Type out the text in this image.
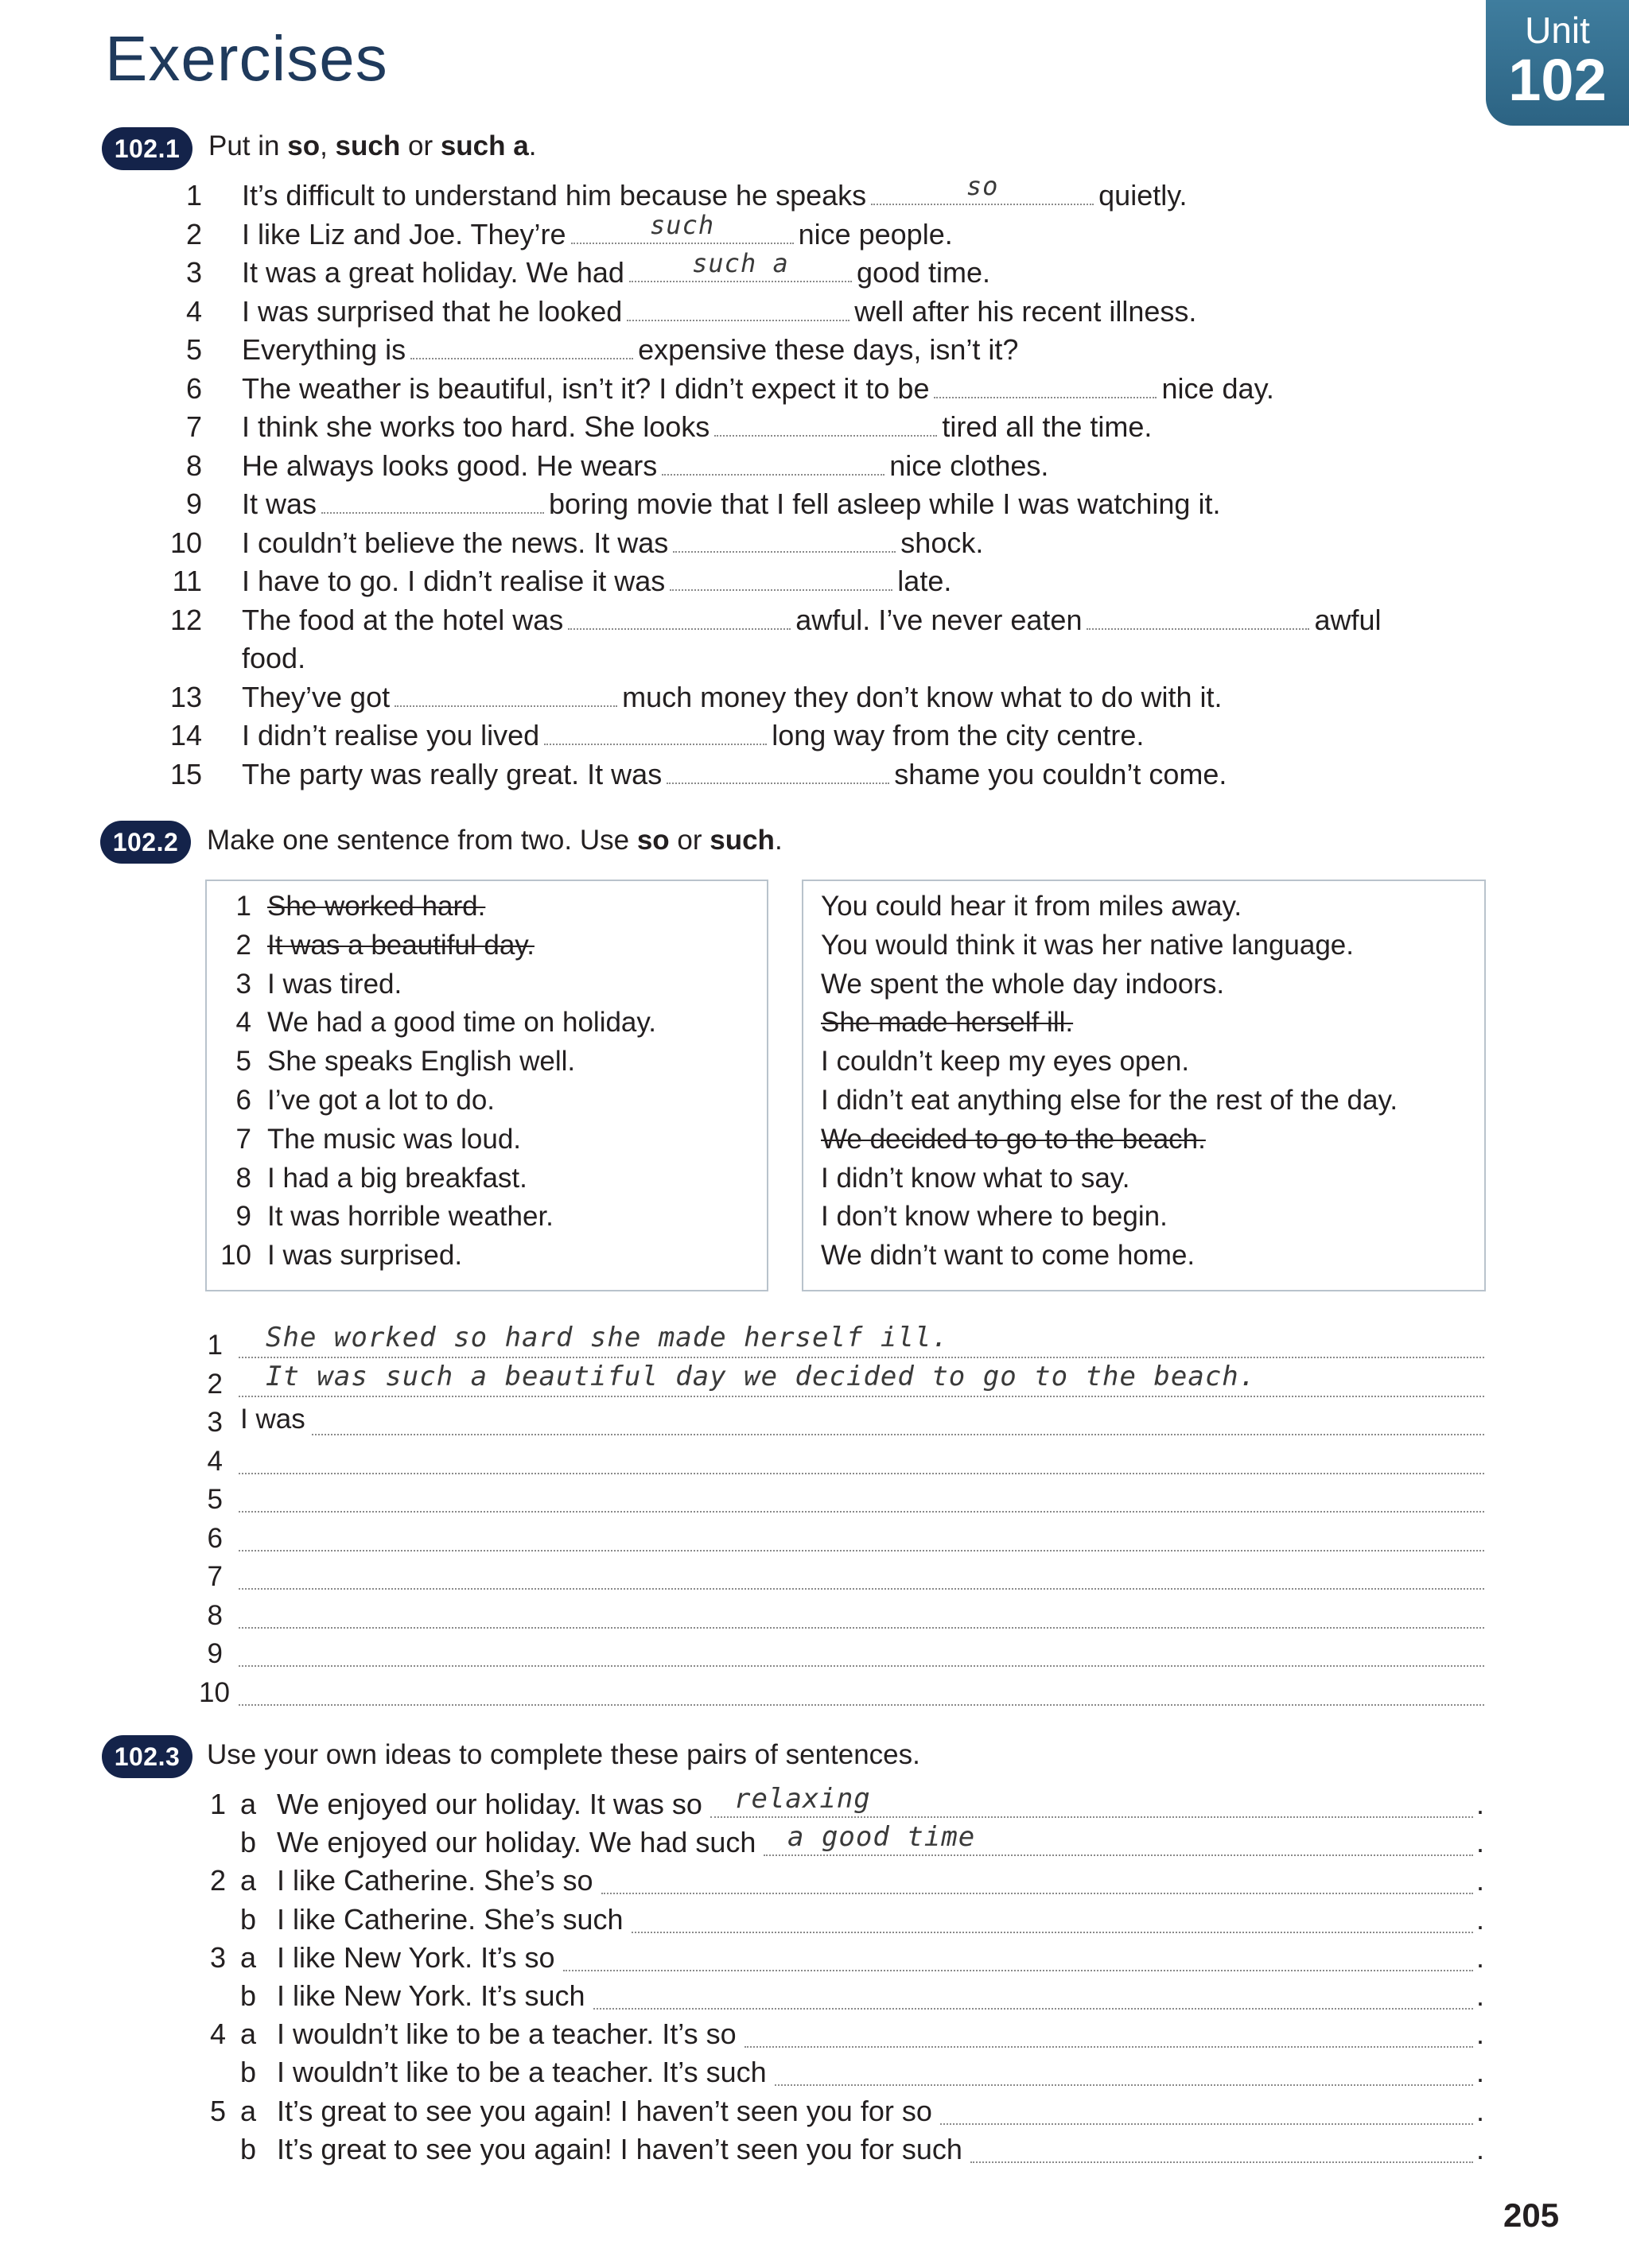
Exercises	Unit
102
102.1	Put in so, such or such a.
1 It’s difficult to understand him because he speaks	so	quietly.
2 I like Liz and Joe. They’re	such	nice people.
3 It was a great holiday. We had	such a	good time.
4 I was surprised that he looked	well after his recent illness.
5 Everything is	expensive these days, isn’t it?
6 The weather is beautiful, isn’t it? I didn’t expect it to be	nice day.
7 I think she works too hard. She looks	tired all the time.
8 He always looks good. He wears	nice clothes.
9 It was	boring movie that I fell asleep while I was watching it.
10 I couldn’t believe the news. It was	shock.
11 I have to go. I didn’t realise it was	late.
12 The food at the hotel was	awful. I’ve never eaten	awful
food.
13 They’ve got	much money they don’t know what to do with it.
14 I didn’t realise you lived	long way from the city centre.
15 The party was really great. It was	shame you couldn’t come.
102.2	Make one sentence from two. Use so or such.
1 She worked hard.
2 It was a beautiful day.
3 I was tired.
4 We had a good time on holiday.
5 She speaks English well.
6 I’ve got a lot to do.
7 The music was loud.
8 I had a big breakfast.
9 It was horrible weather.
10 I was surprised.
You could hear it from miles away.
You would think it was her native language.
We spent the whole day indoors.
She made herself ill.
I couldn’t keep my eyes open.
I didn’t eat anything else for the rest of the day.
We decided to go to the beach.
I didn’t know what to say.
I don’t know where to begin.
We didn’t want to come home.
1 She worked so hard she made herself ill.
2 It was such a beautiful day we decided to go to the beach.
3 I was
4
5
6
7
8
9
10
102.3 Use your own ideas to complete these pairs of sentences.
1 a We enjoyed our holiday. It was so	.
relaxing
b We enjoyed our holiday. We had such	.
a good time
2 a I like Catherine. She’s so	.
b I like Catherine. She’s such	.
3 a I like New York. It’s so	.
b I like New York. It’s such	.
4 a I wouldn’t like to be a teacher. It’s so	.
b I wouldn’t like to be a teacher. It’s such	.
5 a It’s great to see you again! I haven’t seen you for so	.
b It’s great to see you again! I haven’t seen you for such	.
205
